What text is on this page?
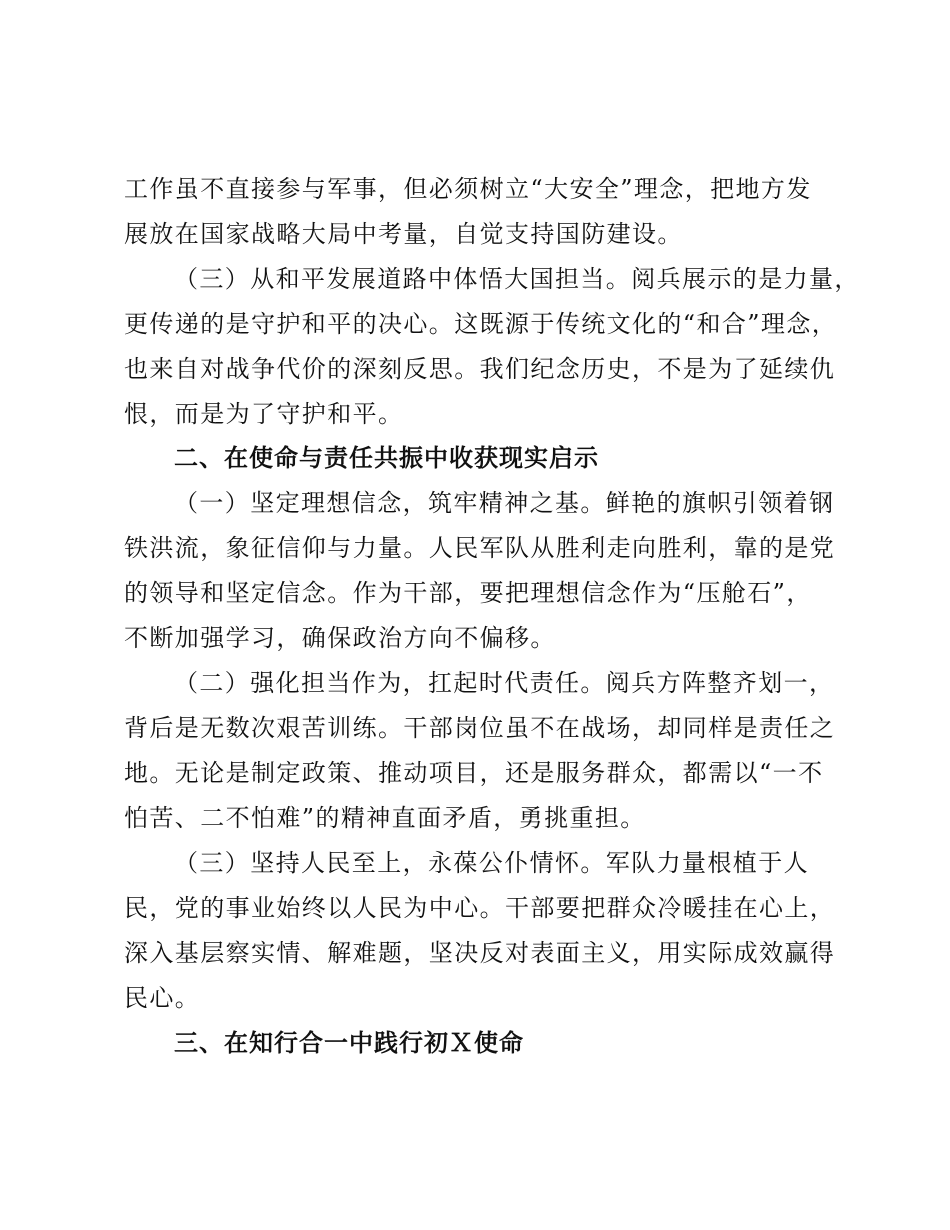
工作虽不直接参与军事，但必须树立“大安全”理念，把地方发
展放在国家战略大局中考量，自觉支持国防建设。
（三）从和平发展道路中体悟大国担当。阅兵展示的是力量，
更传递的是守护和平的决心。这既源于传统文化的“和合”理念，
也来自对战争代价的深刻反思。我们纪念历史，不是为了延续仇
恨，而是为了守护和平。
二、在使命与责任共振中收获现实启示
（一）坚定理想信念，筑牢精神之基。鲜艳的旗帜引领着钢
铁洪流，象征信仰与力量。人民军队从胜利走向胜利，靠的是党
的领导和坚定信念。作为干部，要把理想信念作为“压舱石”，
不断加强学习，确保政治方向不偏移。
（二）强化担当作为，扛起时代责任。阅兵方阵整齐划一，
背后是无数次艰苦训练。干部岗位虽不在战场，却同样是责任之
地。无论是制定政策、推动项目，还是服务群众，都需以“一不
怕苦、二不怕难”的精神直面矛盾，勇挑重担。
（三）坚持人民至上，永葆公仆情怀。军队力量根植于人
民，党的事业始终以人民为中心。干部要把群众冷暖挂在心上，
深入基层察实情、解难题，坚决反对表面主义，用实际成效赢得
民心。
三、在知行合一中践行初Ｘ使命
